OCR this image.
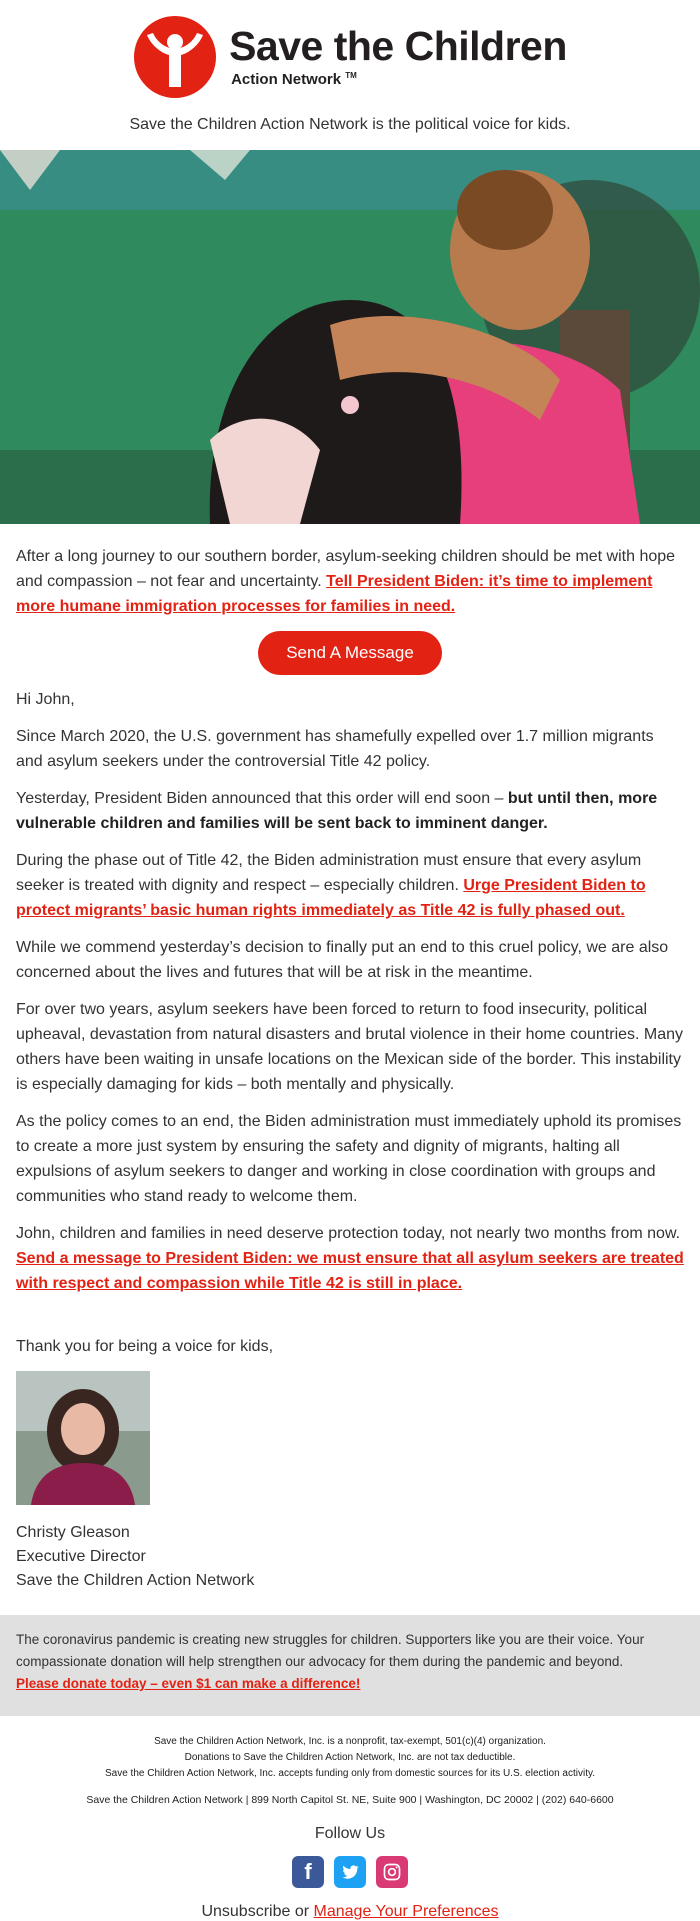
Save the Children
Action Network ™
Save the Children Action Network is the political voice for kids.

After a long journey to our southern border, asylum-seeking children should be met with hope and compassion – not fear and uncertainty. Tell President Biden: it’s time to implement more humane immigration processes for families in need.

Send A Message

Hi John,

Since March 2020, the U.S. government has shamefully expelled over 1.7 million migrants and asylum seekers under the controversial Title 42 policy.

Yesterday, President Biden announced that this order will end soon – but until then, more vulnerable children and families will be sent back to imminent danger.

During the phase out of Title 42, the Biden administration must ensure that every asylum seeker is treated with dignity and respect – especially children. Urge President Biden to protect migrants’ basic human rights immediately as Title 42 is fully phased out.

While we commend yesterday’s decision to finally put an end to this cruel policy, we are also concerned about the lives and futures that will be at risk in the meantime.

For over two years, asylum seekers have been forced to return to food insecurity, political upheaval, devastation from natural disasters and brutal violence in their home countries. Many others have been waiting in unsafe locations on the Mexican side of the border. This instability is especially damaging for kids – both mentally and physically.

As the policy comes to an end, the Biden administration must immediately uphold its promises to create a more just system by ensuring the safety and dignity of migrants, halting all expulsions of asylum seekers to danger and working in close coordination with groups and communities who stand ready to welcome them.

John, children and families in need deserve protection today, not nearly two months from now. Send a message to President Biden: we must ensure that all asylum seekers are treated with respect and compassion while Title 42 is still in place.

Thank you for being a voice for kids,

Christy Gleason

Executive Director

Save the Children Action Network

The coronavirus pandemic is creating new struggles for children. Supporters like you are their voice. Your compassionate donation will help strengthen our advocacy for them during the pandemic and beyond.
Please donate today – even $1 can make a difference!
Save the Children Action Network, Inc. is a nonprofit, tax-exempt, 501(c)(4) organization.
Donations to Save the Children Action Network, Inc. are not tax deductible.
Save the Children Action Network, Inc. accepts funding only from domestic sources for its U.S. election activity.
Save the Children Action Network | 899 North Capitol St. NE, Suite 900 | Washington, DC 20002 | (202) 640-6600
Follow Us
f
Unsubscribe or Manage Your Preferences
